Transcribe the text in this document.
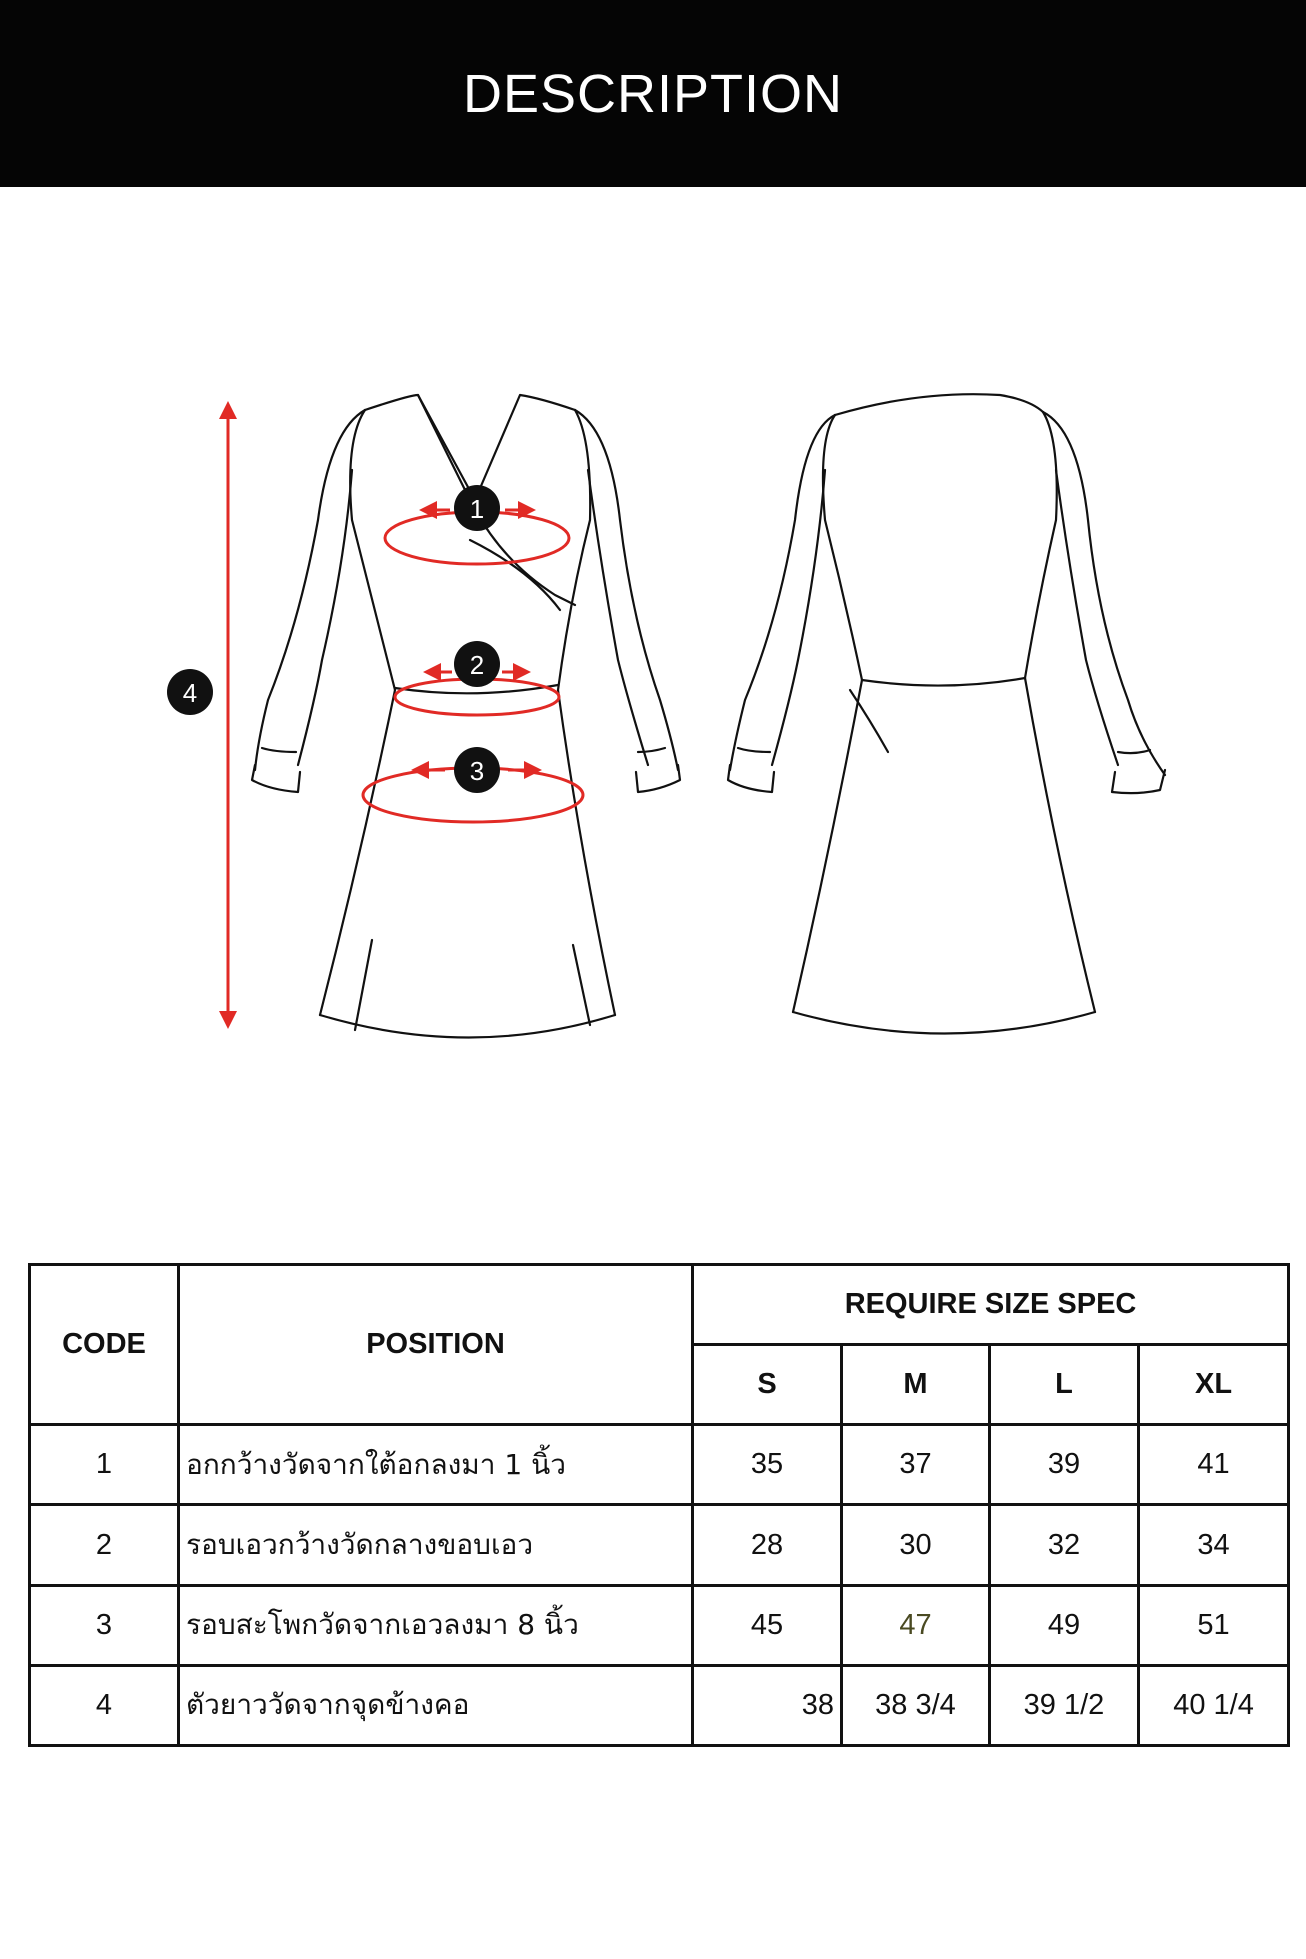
DESCRIPTION
1
2
3
4
CODE	POSITION	REQUIRE SIZE SPEC			
		S	M	L	XL
1	อกกว้างวัดจากใต้อกลงมา 1 นิ้ว	35	37	39	41
2	รอบเอวกว้างวัดกลางขอบเอว	28	30	32	34
3	รอบสะโพกวัดจากเอวลงมา 8 นิ้ว	45	47	49	51
4	ตัวยาววัดจากจุดข้างคอ	38	38 3/4	39 1/2	40 1/4
